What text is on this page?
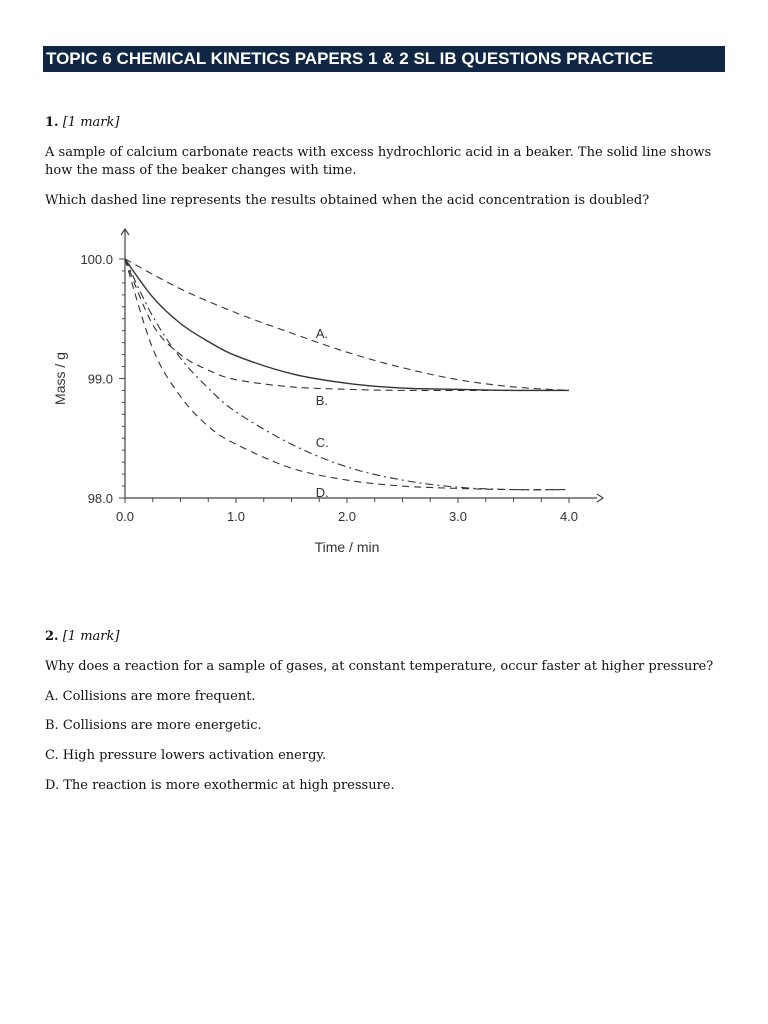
TOPIC 6 CHEMICAL KINETICS PAPERS 1 & 2 SL IB QUESTIONS PRACTICE
1. [1 mark]

A sample of calcium carbonate reacts with excess hydrochloric acid in a beaker. The solid line shows how the mass of the beaker changes with time.

Which dashed line represents the results obtained when the acid concentration is doubled?

0.0	1.0	2.0	3.0	4.0
98.0
99.0
100.0
Time / min
Mass / g
A.
B.
C.
D.
2. [1 mark]

Why does a reaction for a sample of gases, at constant temperature, occur faster at higher pressure?

A. Collisions are more frequent.

B. Collisions are more energetic.

C. High pressure lowers activation energy.

D. The reaction is more exothermic at high pressure.
